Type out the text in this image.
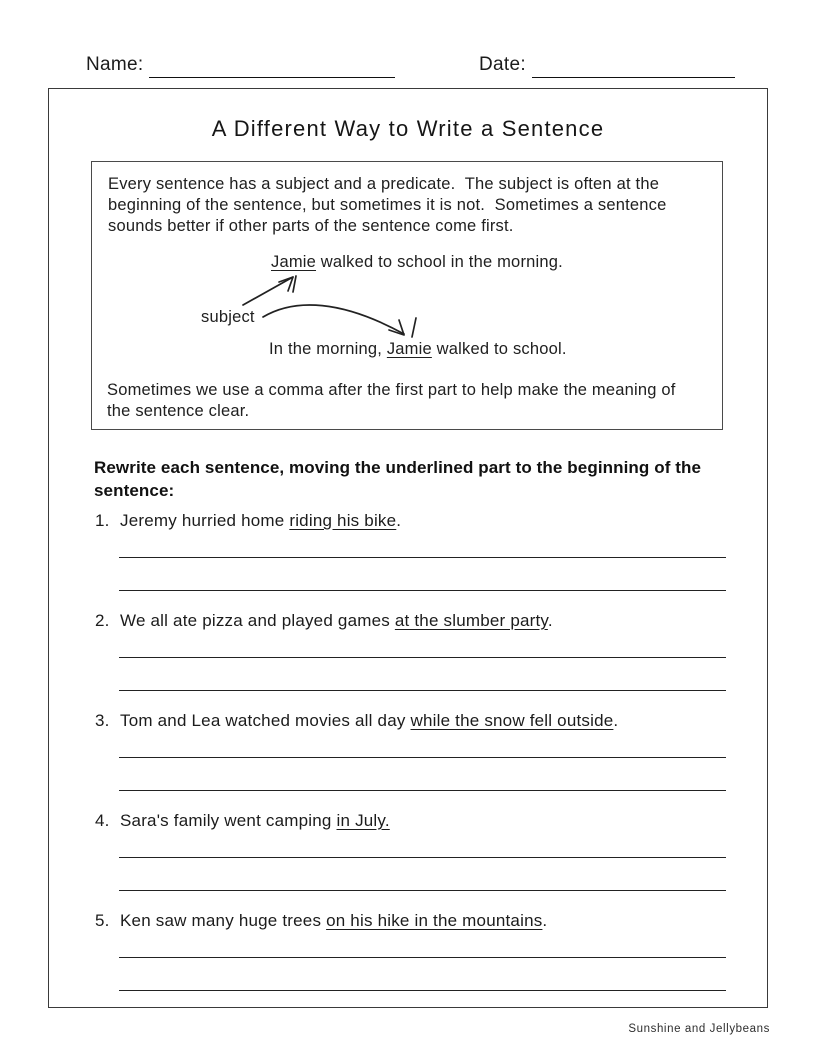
Name:	Date:
A Different Way to Write a Sentence
Every sentence has a subject and a predicate.  The subject is often at the
beginning of the sentence, but sometimes it is not.  Sometimes a sentence
sounds better if other parts of the sentence come first.
Jamie walked to school in the morning.
subject
In the morning, Jamie walked to school.
Sometimes we use a comma after the first part to help make the meaning of
the sentence clear.
Rewrite each sentence, moving the underlined part to the beginning of the
sentence:
1. Jeremy hurried home riding his bike.
2. We all ate pizza and played games at the slumber party.
3. Tom and Lea watched movies all day while the snow fell outside.
4. Sara's family went camping in July.
5. Ken saw many huge trees on his hike in the mountains.
Sunshine and Jellybeans
